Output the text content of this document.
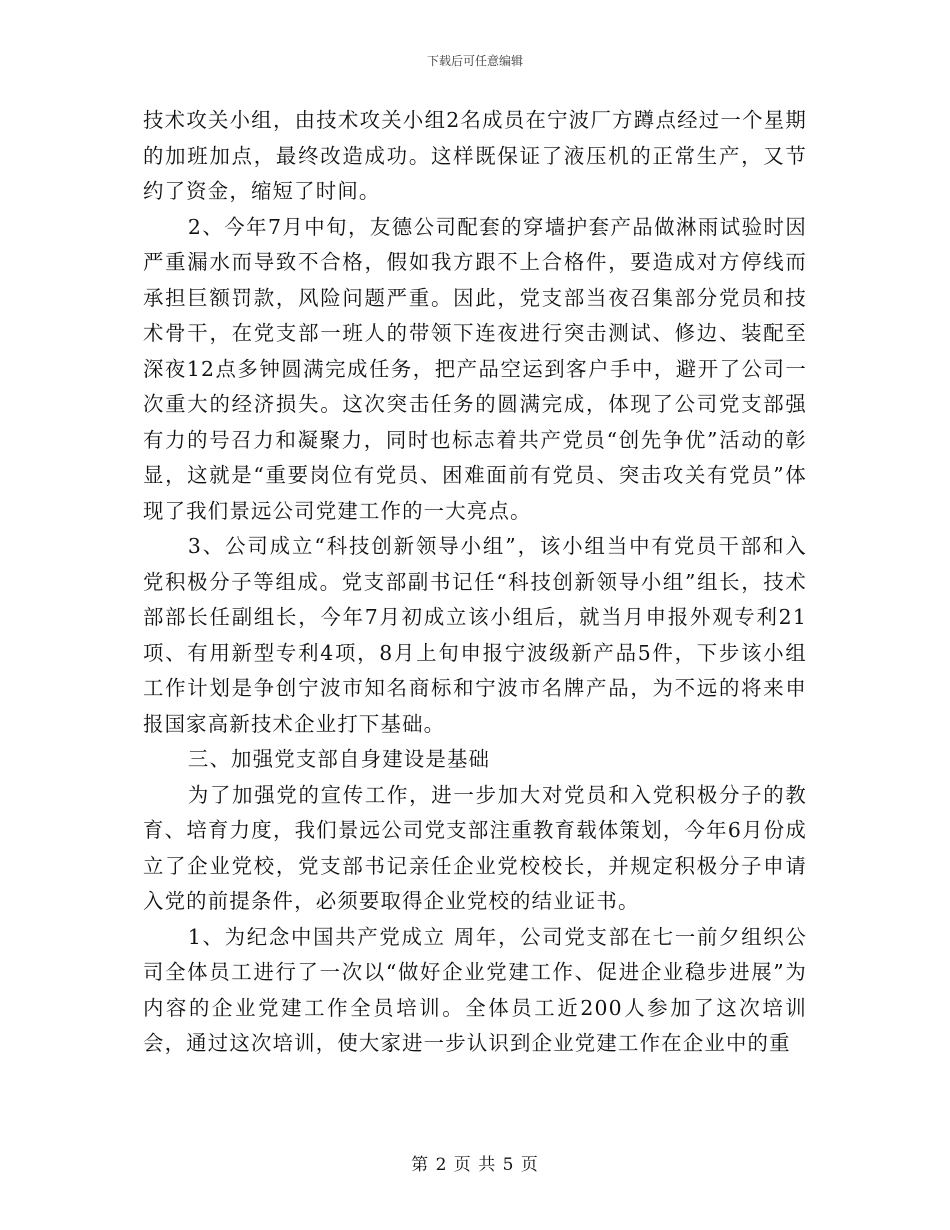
下载后可任意编辑

技术攻关小组，由技术攻关小组2名成员在宁波厂方蹲点经过一个星期的加班加点，最终改造成功。这样既保证了液压机的正常生产，又节约了资金，缩短了时间。

2、今年7月中旬，友德公司配套的穿墙护套产品做淋雨试验时因严重漏水而导致不合格，假如我方跟不上合格件，要造成对方停线而承担巨额罚款，风险问题严重。因此，党支部当夜召集部分党员和技术骨干，在党支部一班人的带领下连夜进行突击测试、修边、装配至深夜12点多钟圆满完成任务，把产品空运到客户手中，避开了公司一次重大的经济损失。这次突击任务的圆满完成，体现了公司党支部强有力的号召力和凝聚力，同时也标志着共产党员“创先争优”活动的彰显，这就是“重要岗位有党员、困难面前有党员、突击攻关有党员”体现了我们景远公司党建工作的一大亮点。

3、公司成立“科技创新领导小组”，该小组当中有党员干部和入党积极分子等组成。党支部副书记任“科技创新领导小组”组长，技术部部长任副组长，今年7月初成立该小组后，就当月申报外观专利21项、有用新型专利4项，8月上旬申报宁波级新产品5件，下步该小组工作计划是争创宁波市知名商标和宁波市名牌产品，为不远的将来申报国家高新技术企业打下基础。

三、加强党支部自身建设是基础

为了加强党的宣传工作，进一步加大对党员和入党积极分子的教育、培育力度，我们景远公司党支部注重教育载体策划，今年6月份成立了企业党校，党支部书记亲任企业党校校长，并规定积极分子申请入党的前提条件，必须要取得企业党校的结业证书。

1、为纪念中国共产党成立 周年，公司党支部在七一前夕组织公司全体员工进行了一次以“做好企业党建工作、促进企业稳步进展”为内容的企业党建工作全员培训。全体员工近200人参加了这次培训会，通过这次培训，使大家进一步认识到企业党建工作在企业中的重

第 2 页 共 5 页
